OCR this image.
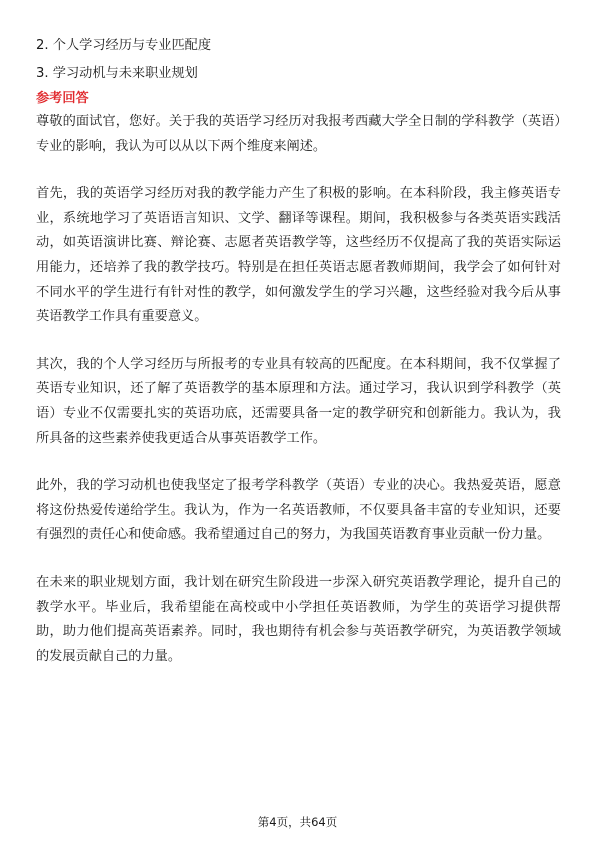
2. 个人学习经历与专业匹配度
3. 学习动机与未来职业规划
参考回答

尊敬的面试官，您好。关于我的英语学习经历对我报考西藏大学全日制的学科教学（英语）专业的影响，我认为可以从以下两个维度来阐述。

首先，我的英语学习经历对我的教学能力产生了积极的影响。在本科阶段，我主修英语专业，系统地学习了英语语言知识、文学、翻译等课程。期间，我积极参与各类英语实践活动，如英语演讲比赛、辩论赛、志愿者英语教学等，这些经历不仅提高了我的英语实际运用能力，还培养了我的教学技巧。特别是在担任英语志愿者教师期间，我学会了如何针对不同水平的学生进行有针对性的教学，如何激发学生的学习兴趣，这些经验对我今后从事英语教学工作具有重要意义。

其次，我的个人学习经历与所报考的专业具有较高的匹配度。在本科期间，我不仅掌握了英语专业知识，还了解了英语教学的基本原理和方法。通过学习，我认识到学科教学（英语）专业不仅需要扎实的英语功底，还需要具备一定的教学研究和创新能力。我认为，我所具备的这些素养使我更适合从事英语教学工作。

此外，我的学习动机也使我坚定了报考学科教学（英语）专业的决心。我热爱英语，愿意将这份热爱传递给学生。我认为，作为一名英语教师，不仅要具备丰富的专业知识，还要有强烈的责任心和使命感。我希望通过自己的努力，为我国英语教育事业贡献一份力量。

在未来的职业规划方面，我计划在研究生阶段进一步深入研究英语教学理论，提升自己的教学水平。毕业后，我希望能在高校或中小学担任英语教师，为学生的英语学习提供帮助，助力他们提高英语素养。同时，我也期待有机会参与英语教学研究，为英语教学领域的发展贡献自己的力量。

第4页，共64页
